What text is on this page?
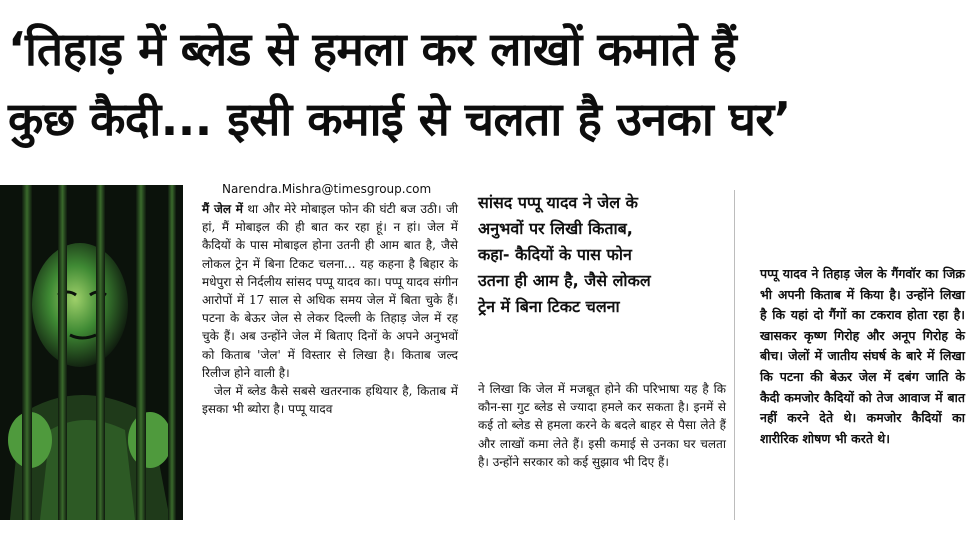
‘तिहाड़ में ब्लेड से हमला कर लाखों कमाते हैं
कुछ कैदी... इसी कमाई से चलता है उनका घर’
Narendra.Mishra@timesgroup.com

मैं जेल में था और मेरे मोबाइल फोन की घंटी बज उठी। जी हां, मैं मोबाइल की ही बात कर रहा हूं। न हां। जेल में कैदियों के पास मोबाइल होना उतनी ही आम बात है, जैसे लोकल ट्रेन में बिना टिकट चलना... यह कहना है बिहार के मधेपुरा से निर्दलीय सांसद पप्पू यादव का। पप्पू यादव संगीन आरोपों में 17 साल से अधिक समय जेल में बिता चुके हैं। पटना के बेऊर जेल से लेकर दिल्ली के तिहाड़ जेल में रह चुके हैं। अब उन्होंने जेल में बिताए दिनों के अपने अनुभवों को किताब 'जेल' में विस्तार से लिखा है। किताब जल्द रिलीज होने वाली है।

जेल में ब्लेड कैसे सबसे खतरनाक हथियार है, किताब में इसका भी ब्योरा है। पप्पू यादव

सांसद पप्पू यादव ने जेल के अनुभवों पर लिखी किताब, कहा- कैदियों के पास फोन उतना ही आम है, जैसे लोकल ट्रेन में बिना टिकट चलना
ने लिखा कि जेल में मजबूत होने की परिभाषा यह है कि कौन-सा गुट ब्लेड से ज्यादा हमले कर सकता है। इनमें से कई तो ब्लेड से हमला करने के बदले बाहर से पैसा लेते हैं और लाखों कमा लेते हैं। इसी कमाई से उनका घर चलता है। उन्होंने सरकार को कई सुझाव भी दिए हैं।
पप्पू यादव ने तिहाड़ जेल के गैंगवॉर का जिक्र भी अपनी किताब में किया है। उन्होंने लिखा है कि यहां दो गैंगों का टकराव होता रहा है। खासकर कृष्ण गिरोह और अनूप गिरोह के बीच। जेलों में जातीय संघर्ष के बारे में लिखा कि पटना की बेऊर जेल में दबंग जाति के कैदी कमजोर कैदियों को तेज आवाज में बात नहीं करने देते थे। कमजोर कैदियों का शारीरिक शोषण भी करते थे।
